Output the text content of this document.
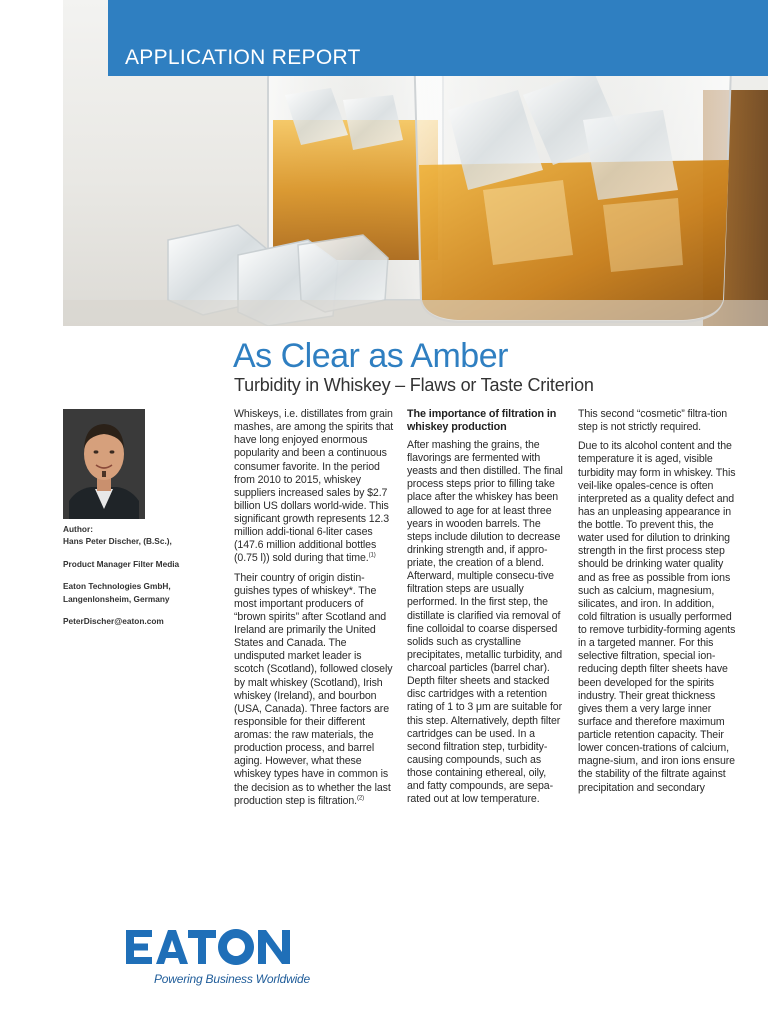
APPLICATION REPORT
As Clear as Amber
Turbidity in Whiskey – Flaws or Taste Criterion

Author:
Hans Peter Discher, (B.Sc.),

Product Manager Filter Media

Eaton Technologies GmbH,
Langenlonsheim, Germany

PeterDischer@eaton.com

Whiskeys, i.e. distillates from grain mashes, are among the spirits that have long enjoyed enormous popularity and been a continuous consumer favorite. In the period from 2010 to 2015, whiskey suppliers increased sales by $2.7 billion US dollars world-wide. This significant growth represents 12.3 million addi-tional 6-liter cases (147.6 million additional bottles (0.75 l)) sold during that time.$^{(1)}$

Their country of origin distin-guishes types of whiskey*. The most important producers of “brown spirits” after Scotland and Ireland are primarily the United States and Canada. The undisputed market leader is scotch (Scotland), followed closely by malt whiskey (Scotland), Irish whiskey (Ireland), and bourbon (USA, Canada). Three factors are responsible for their different aromas: the raw materials, the production process, and barrel aging. However, what these whiskey types have in common is the decision as to whether the last production step is filtration.$^{(2)}$

The importance of filtration in whiskey production

After mashing the grains, the flavorings are fermented with yeasts and then distilled. The final process steps prior to filling take place after the whiskey has been allowed to age for at least three years in wooden barrels. The steps include dilution to decrease drinking strength and, if appro-priate, the creation of a blend. Afterward, multiple consecu-tive filtration steps are usually performed. In the first step, the distillate is clarified via removal of fine colloidal to coarse dispersed solids such as crystalline precipitates, metallic turbidity, and charcoal particles (barrel char). Depth filter sheets and stacked disc cartridges with a retention rating of 1 to 3 μm are suitable for this step. Alternatively, depth filter cartridges can be used. In a second filtration step, turbidity-causing compounds, such as those containing ethereal, oily, and fatty compounds, are sepa-rated out at low temperature.

This second “cosmetic” filtra-tion step is not strictly required.

Due to its alcohol content and the temperature it is aged, visible turbidity may form in whiskey. This veil-like opales-cence is often interpreted as a quality defect and has an unpleasing appearance in the bottle. To prevent this, the water used for dilution to drinking strength in the first process step should be drinking water quality and as free as possible from ions such as calcium, magnesium, silicates, and iron. In addition, cold filtration is usually performed to remove turbidity-forming agents in a targeted manner. For this selective filtration, special ion-reducing depth filter sheets have been developed for the spirits industry. Their great thickness gives them a very large inner surface and therefore maximum particle retention capacity. Their lower concen-trations of calcium, magne-sium, and iron ions ensure the stability of the filtrate against precipitation and secondary

Powering Business Worldwide
